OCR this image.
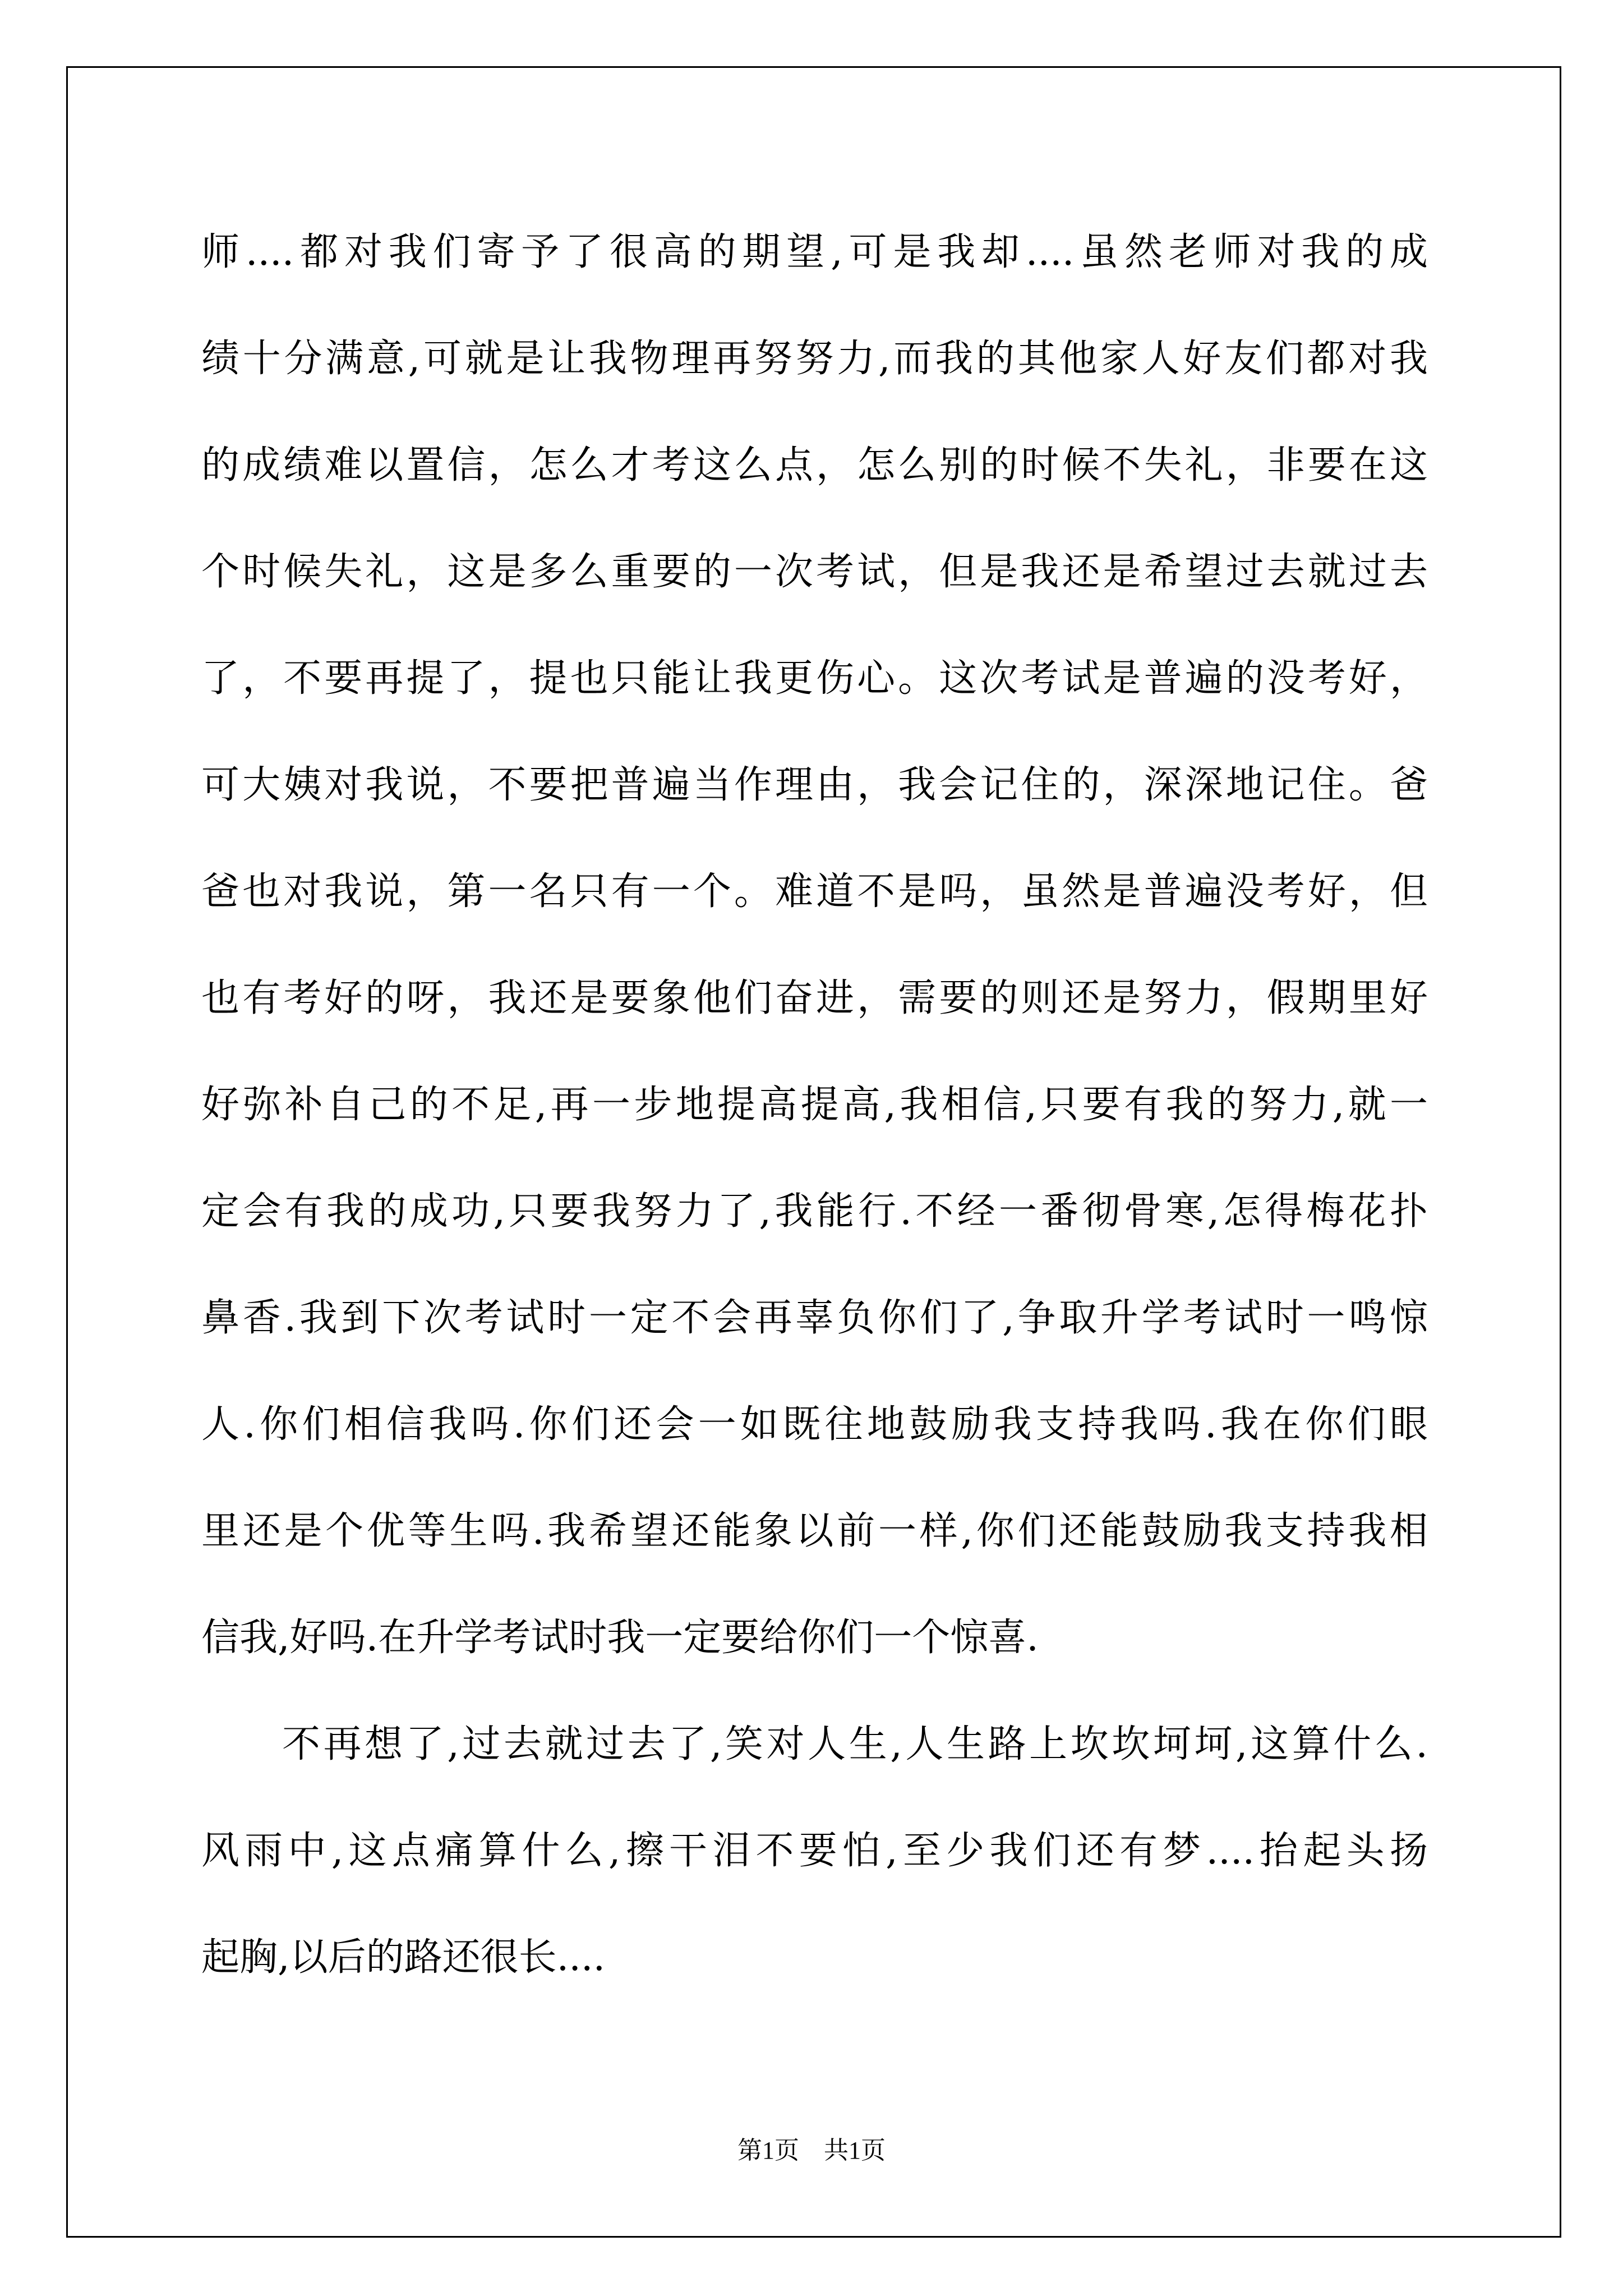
师....都对我们寄予了很高的期望,可是我却....虽然老师对我的成
绩十分满意,可就是让我物理再努努力,而我的其他家人好友们都对我
的成绩难以置信，怎么才考这么点，怎么别的时候不失礼，非要在这
个时候失礼，这是多么重要的一次考试，但是我还是希望过去就过去
了，不要再提了，提也只能让我更伤心。这次考试是普遍的没考好，
可大姨对我说，不要把普遍当作理由，我会记住的，深深地记住。爸
爸也对我说，第一名只有一个。难道不是吗，虽然是普遍没考好，但
也有考好的呀，我还是要象他们奋进，需要的则还是努力，假期里好
好弥补自己的不足,再一步地提高提高,我相信,只要有我的努力,就一
定会有我的成功,只要我努力了,我能行.不经一番彻骨寒,怎得梅花扑
鼻香.我到下次考试时一定不会再辜负你们了,争取升学考试时一鸣惊
人.你们相信我吗.你们还会一如既往地鼓励我支持我吗.我在你们眼
里还是个优等生吗.我希望还能象以前一样,你们还能鼓励我支持我相
信我,好吗.在升学考试时我一定要给你们一个惊喜.
不再想了,过去就过去了,笑对人生,人生路上坎坎坷坷,这算什么.
风雨中,这点痛算什么,擦干泪不要怕,至少我们还有梦....抬起头扬
起胸,以后的路还很长....
第1页　共1页
